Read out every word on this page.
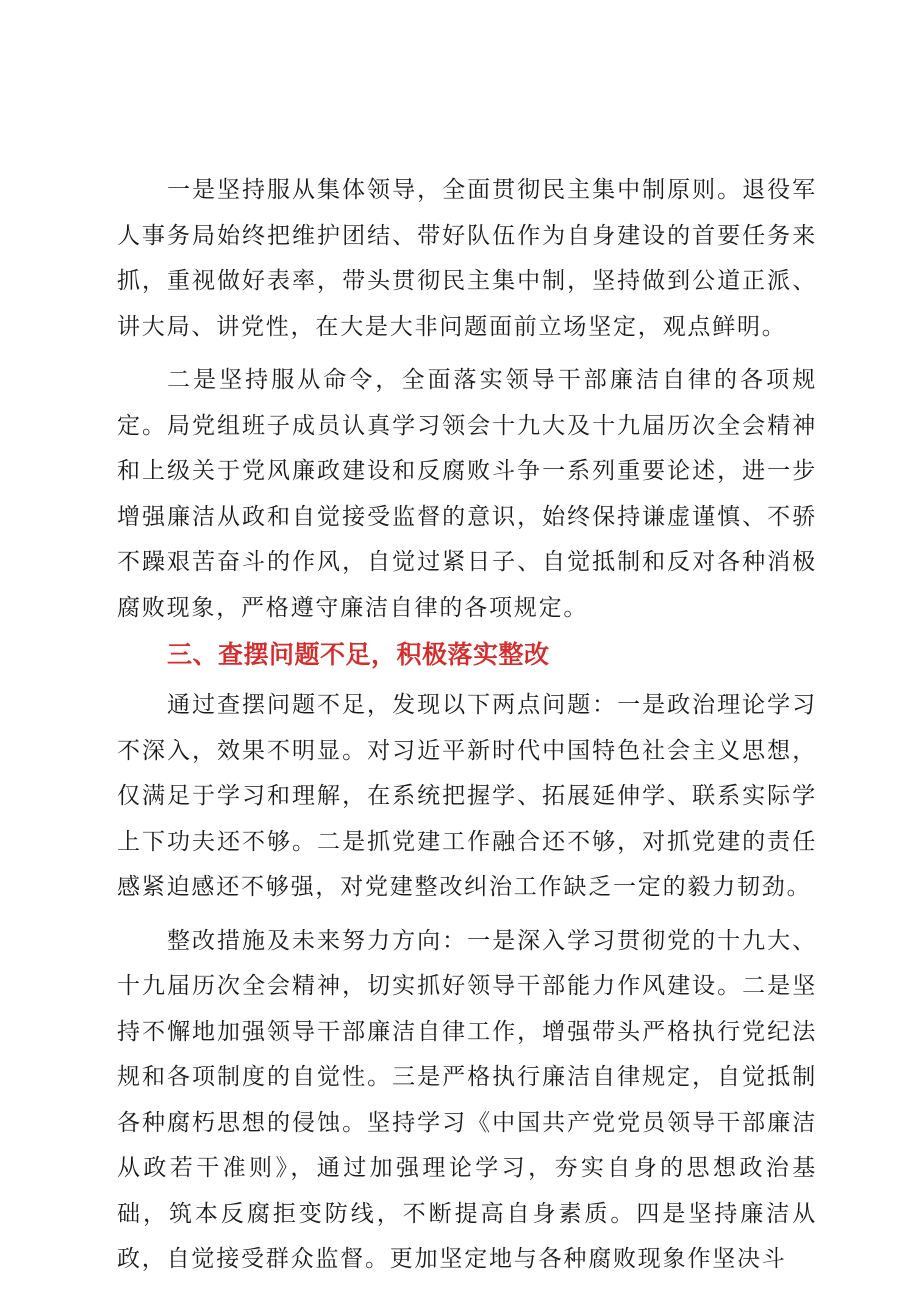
一是坚持服从集体领导，全面贯彻民主集中制原则。退役军人事务局始终把维护团结、带好队伍作为自身建设的首要任务来抓，重视做好表率，带头贯彻民主集中制，坚持做到公道正派、讲大局、讲党性，在大是大非问题面前立场坚定，观点鲜明。

二是坚持服从命令，全面落实领导干部廉洁自律的各项规定。局党组班子成员认真学习领会十九大及十九届历次全会精神和上级关于党风廉政建设和反腐败斗争一系列重要论述，进一步增强廉洁从政和自觉接受监督的意识，始终保持谦虚谨慎、不骄不躁艰苦奋斗的作风，自觉过紧日子、自觉抵制和反对各种消极腐败现象，严格遵守廉洁自律的各项规定。

三、查摆问题不足，积极落实整改

通过查摆问题不足，发现以下两点问题：一是政治理论学习不深入，效果不明显。对习近平新时代中国特色社会主义思想，仅满足于学习和理解，在系统把握学、拓展延伸学、联系实际学上下功夫还不够。二是抓党建工作融合还不够，对抓党建的责任感紧迫感还不够强，对党建整改纠治工作缺乏一定的毅力韧劲。

整改措施及未来努力方向：一是深入学习贯彻党的十九大、十九届历次全会精神，切实抓好领导干部能力作风建设。二是坚持不懈地加强领导干部廉洁自律工作，增强带头严格执行党纪法规和各项制度的自觉性。三是严格执行廉洁自律规定，自觉抵制各种腐朽思想的侵蚀。坚持学习《中国共产党党员领导干部廉洁从政若干准则》，通过加强理论学习，夯实自身的思想政治基础，筑本反腐拒变防线，不断提高自身素质。四是坚持廉洁从政，自觉接受群众监督。更加坚定地与各种腐败现象作坚决斗
